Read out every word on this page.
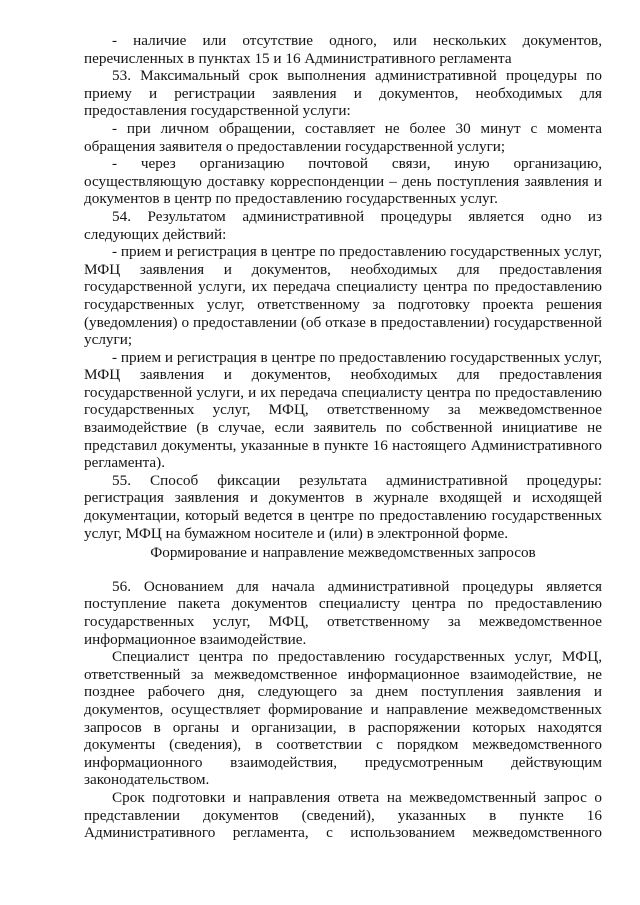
- наличие или отсутствие одного, или нескольких документов, перечисленных в пунктах 15 и 16 Административного регламента

53. Максимальный срок выполнения административной процедуры по приему и регистрации заявления и документов, необходимых для предоставления государственной услуги:

- при личном обращении, составляет не более 30 минут с момента обращения заявителя о предоставлении государственной услуги;

- через организацию почтовой связи, иную организацию, осуществляющую доставку корреспонденции – день поступления заявления и документов в центр по предоставлению государственных услуг.

54. Результатом административной процедуры является одно из следующих действий:

- прием и регистрация в центре по предоставлению государственных услуг, МФЦ заявления и документов, необходимых для предоставления государственной услуги, их передача специалисту центра по предоставлению государственных услуг, ответственному за подготовку проекта решения (уведомления) о предоставлении (об отказе в предоставлении) государственной услуги;

- прием и регистрация в центре по предоставлению государственных услуг, МФЦ заявления и документов, необходимых для предоставления государственной услуги, и их передача специалисту центра по предоставлению государственных услуг, МФЦ, ответственному за межведомственное взаимодействие (в случае, если заявитель по собственной инициативе не представил документы, указанные в пункте 16 настоящего Административного регламента).

55. Способ фиксации результата административной процедуры: регистрация заявления и документов в журнале входящей и исходящей документации, который ведется в центре по предоставлению государственных услуг, МФЦ на бумажном носителе и (или) в электронной форме.

Формирование и направление межведомственных запросов

56. Основанием для начала административной процедуры является поступление пакета документов специалисту центра по предоставлению государственных услуг, МФЦ, ответственному за межведомственное информационное взаимодействие.

Специалист центра по предоставлению государственных услуг, МФЦ, ответственный за межведомственное информационное взаимодействие, не позднее рабочего дня, следующего за днем поступления заявления и документов, осуществляет формирование и направление межведомственных запросов в органы и организации, в распоряжении которых находятся документы (сведения), в соответствии с порядком межведомственного информационного взаимодействия, предусмотренным действующим законодательством.

Срок подготовки и направления ответа на межведомственный запрос о представлении документов (сведений), указанных в пункте 16 Административного регламента, с использованием межведомственного
